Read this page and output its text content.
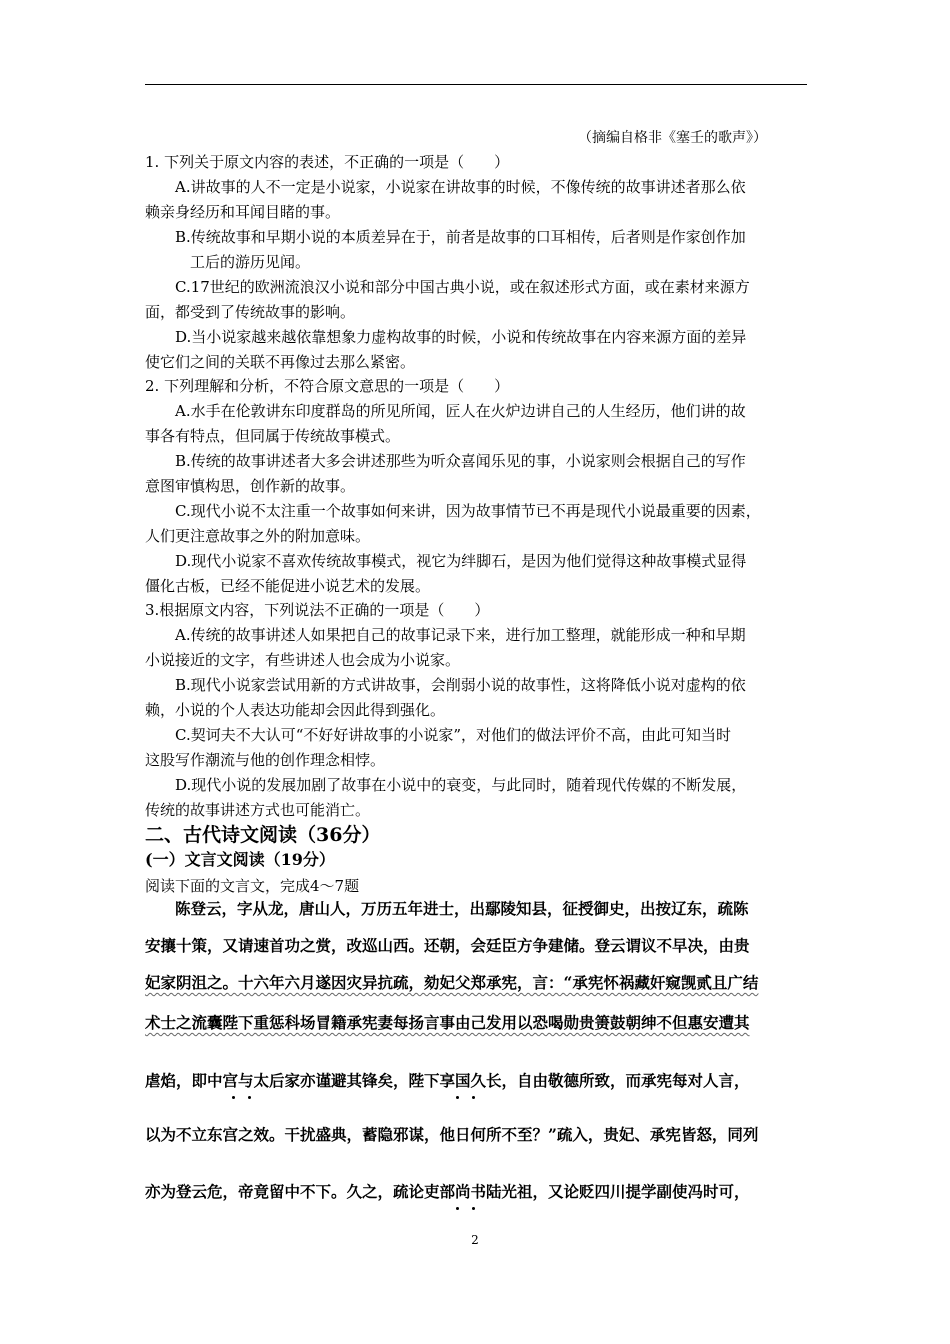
（摘编自格非《塞壬的歌声》）
1. 下列关于原文内容的表述，不正确的一项是（　　）
A.讲故事的人不一定是小说家，小说家在讲故事的时候，不像传统的故事讲述者那么依
赖亲身经历和耳闻目睹的事。
B.传统故事和早期小说的本质差异在于，前者是故事的口耳相传，后者则是作家创作加
工后的游历见闻。
C.17世纪的欧洲流浪汉小说和部分中国古典小说，或在叙述形式方面，或在素材来源方
面，都受到了传统故事的影响。
D.当小说家越来越依靠想象力虚构故事的时候，小说和传统故事在内容来源方面的差异
使它们之间的关联不再像过去那么紧密。
2. 下列理解和分析，不符合原文意思的一项是（　　）
A.水手在伦敦讲东印度群岛的所见所闻，匠人在火炉边讲自己的人生经历，他们讲的故
事各有特点，但同属于传统故事模式。
B.传统的故事讲述者大多会讲述那些为听众喜闻乐见的事，小说家则会根据自己的写作
意图审慎构思，创作新的故事。
C.现代小说不太注重一个故事如何来讲，因为故事情节已不再是现代小说最重要的因素，
人们更注意故事之外的附加意味。
D.现代小说家不喜欢传统故事模式，视它为绊脚石，是因为他们觉得这种故事模式显得
僵化古板，已经不能促进小说艺术的发展。
3.根据原文内容，下列说法不正确的一项是（　　）
A.传统的故事讲述人如果把自己的故事记录下来，进行加工整理，就能形成一种和早期
小说接近的文字，有些讲述人也会成为小说家。
B.现代小说家尝试用新的方式讲故事，会削弱小说的故事性，这将降低小说对虚构的依
赖，小说的个人表达功能却会因此得到强化。
C.契诃夫不大认可“不好好讲故事的小说家”，对他们的做法评价不高，由此可知当时
这股写作潮流与他的创作理念相悖。
D.现代小说的发展加剧了故事在小说中的衰变，与此同时，随着现代传媒的不断发展，
传统的故事讲述方式也可能消亡。
二、古代诗文阅读（36分）
(一）文言文阅读（19分）
阅读下面的文言文，完成4〜7题
陈登云，字从龙，唐山人，万历五年进士，出鄢陵知县，征授御史，出按辽东，疏陈
安攘十策，又请速首功之赏，改巡山西。还朝，会廷臣方争建储。登云谓议不早决，由贵
妃家阴沮之。十六年六月遂因灾异抗疏，劾妃父郑承宪，言：“承宪怀祸藏奸窥觊贰且广结
术士之流囊陛下重惩科场冒籍承宪妻每扬言事由己发用以恐喝勋贵箦鼓朝绅不但惠安遭其
虐焰，即中宫与太后家亦谨避其锋矣，陛下享国久长，自由敬德所致，而承宪每对人言，
以为不立东宫之效。干扰盛典，蓄隐邪谋，他日何所不至？”疏入，贵妃、承宪皆怒，同列
亦为登云危，帝竟留中不下。久之，疏论吏部尚书陆光祖，又论贬四川提学副使冯时可，
2
